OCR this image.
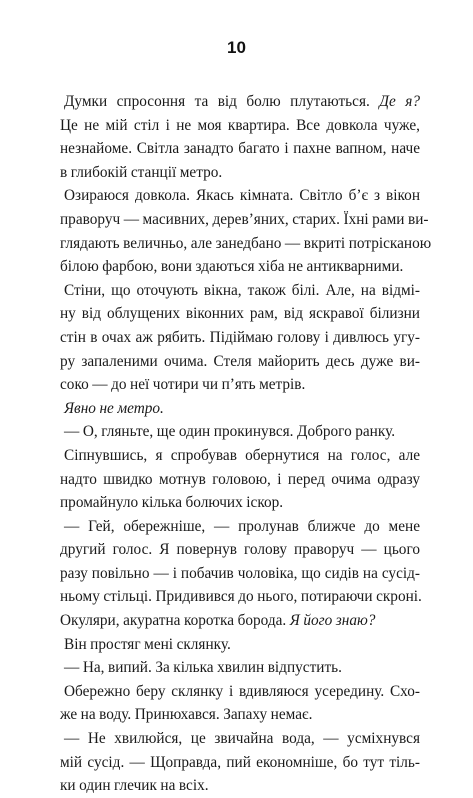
10
Думки спросоння та від болю плутаються. Де я?
Це не мій стіл і не моя квартира. Все довкола чуже,
незнайоме. Світла занадто багато і пахне вапном, наче
в глибокій станції метро.
Озираюся довкола. Якась кімната. Світло б’є з вікон
праворуч — масивних, дерев’яних, старих. Їхні рами ви-
глядають величньо, але занедбано — вкриті потрісканою
білою фарбою, вони здаються хіба не антикварними.
Стіни, що оточують вікна, також білі. Але, на відмі-
ну від облущених віконних рам, від яскравої білизни
стін в очах аж рябить. Підіймаю голову і дивлюсь угу-
ру запаленими очима. Стеля майорить десь дуже ви-
соко — до неї чотири чи п’ять метрів.
Явно не метро.
— О, гляньте, ще один прокинувся. Доброго ранку.
Сіпнувшись, я спробував обернутися на голос, але
надто швидко мотнув головою, і перед очима одразу
промайнуло кілька болючих іскор.
— Гей, обережніше, — пролунав ближче до мене
другий голос. Я повернув голову праворуч — цього
разу повільно — і побачив чоловіка, що сидів на сусід-
ньому стільці. Придивився до нього, потираючи скроні.
Окуляри, акуратна коротка борода. Я його знаю?
Він простяг мені склянку.
— На, випий. За кілька хвилин відпустить.
Обережно беру склянку і вдивляюся усередину. Схо-
же на воду. Принюхався. Запаху немає.
— Не хвилюйся, це звичайна вода, — усміхнувся
мій сусід. — Щоправда, пий економніше, бо тут тіль-
ки один глечик на всіх.
